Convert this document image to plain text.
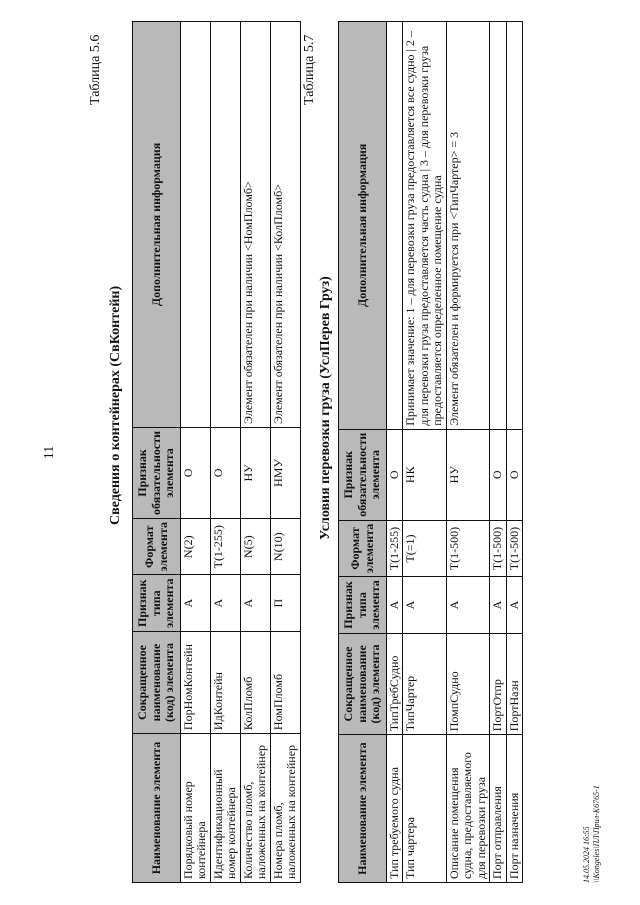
11
Таблица 5.6
Сведения о контейнерах (СвКонтейн)
Наименование элемента	Сокращенное наименование (код) элемента	Признак типа элемента	Формат элемента	Признак обязательности элемента	Дополнительная информация
Порядковый номер контейнера	ПорНомКонтейн	А	N(2)	О	
Идентификационный номер контейнера	ИдКонтейн	А	T(1-255)	О	
Количество пломб, наложенных на контейнер	КолПломб	А	N(5)	НУ	Элемент обязателен при наличии <НомПломб>
Номера пломб, наложенных на контейнер	НомПломб	П	N(10)	НМУ	Элемент обязателен при наличии <КолПломб>
Таблица 5.7
Условия перевозки груза (УслПерев Груз)
Наименование элемента	Сокращенное наименование (код) элемента	Признак типа элемента	Формат элемента	Признак обязательности элемента	Дополнительная информация
Тип требуемого судна	ТипТребСудно	А	T(1-255)	О	
Тип чартера	ТипЧартер	А	T(=1)	НК	Принимает значение: 1 – для перевозки груза предоставляется все судно | 2 – для перевозки груза предоставляется часть судна | 3 – для перевозки груза предоставляется определенное помещение судна
Описание помещения судна, предоставляемого для перевозки груза	ПомпСудно	А	T(1-500)	НУ	Элемент обязателен и формируется при <ТипЧартер> = 3
Порт отправления	ПортОтпр	А	T(1-500)	О	
Порт назначения	ПортНазн	А	T(1-500)	О	
14.05.2024 16:55 \\Kongeles\ПЛ\Прил-К6765-1
